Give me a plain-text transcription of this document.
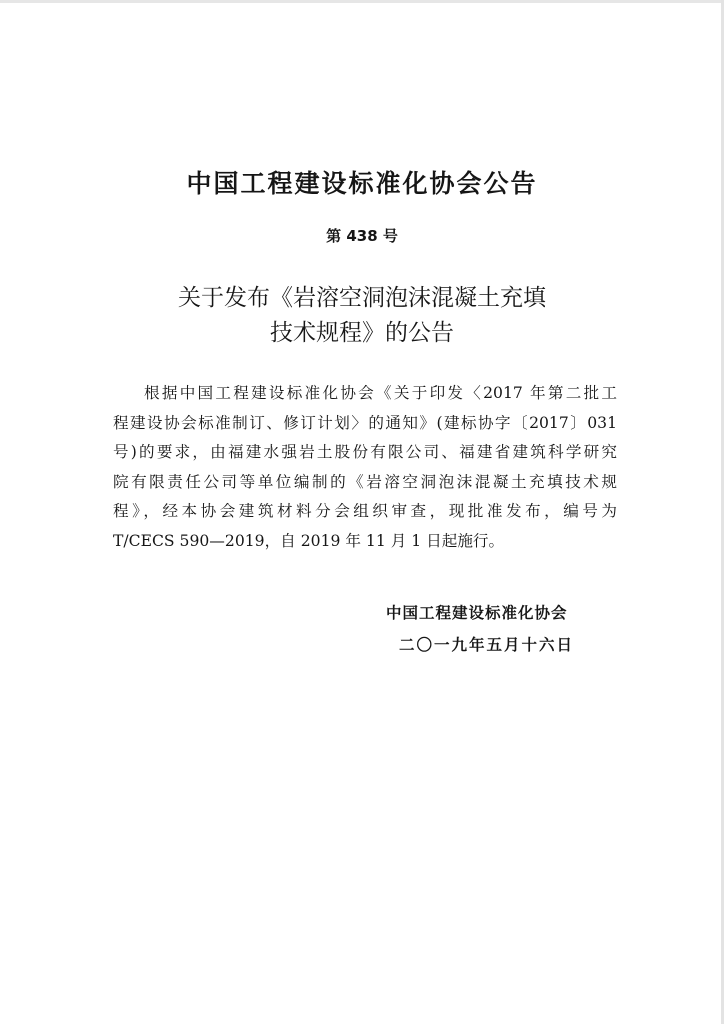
中国工程建设标准化协会公告
第 438 号
关于发布《岩溶空洞泡沫混凝土充填
技术规程》的公告
根据中国工程建设标准化协会《关于印发〈2017 年第二批工
程建设协会标准制订、修订计划〉的通知》(建标协字〔2017〕031
号)的要求，由福建水强岩土股份有限公司、福建省建筑科学研究
院有限责任公司等单位编制的《岩溶空洞泡沫混凝土充填技术规
程》，经本协会建筑材料分会组织审查，现批准发布，编号为
T/CECS 590—2019，自 2019 年 11 月 1 日起施行。
中国工程建设标准化协会
二〇一九年五月十六日
